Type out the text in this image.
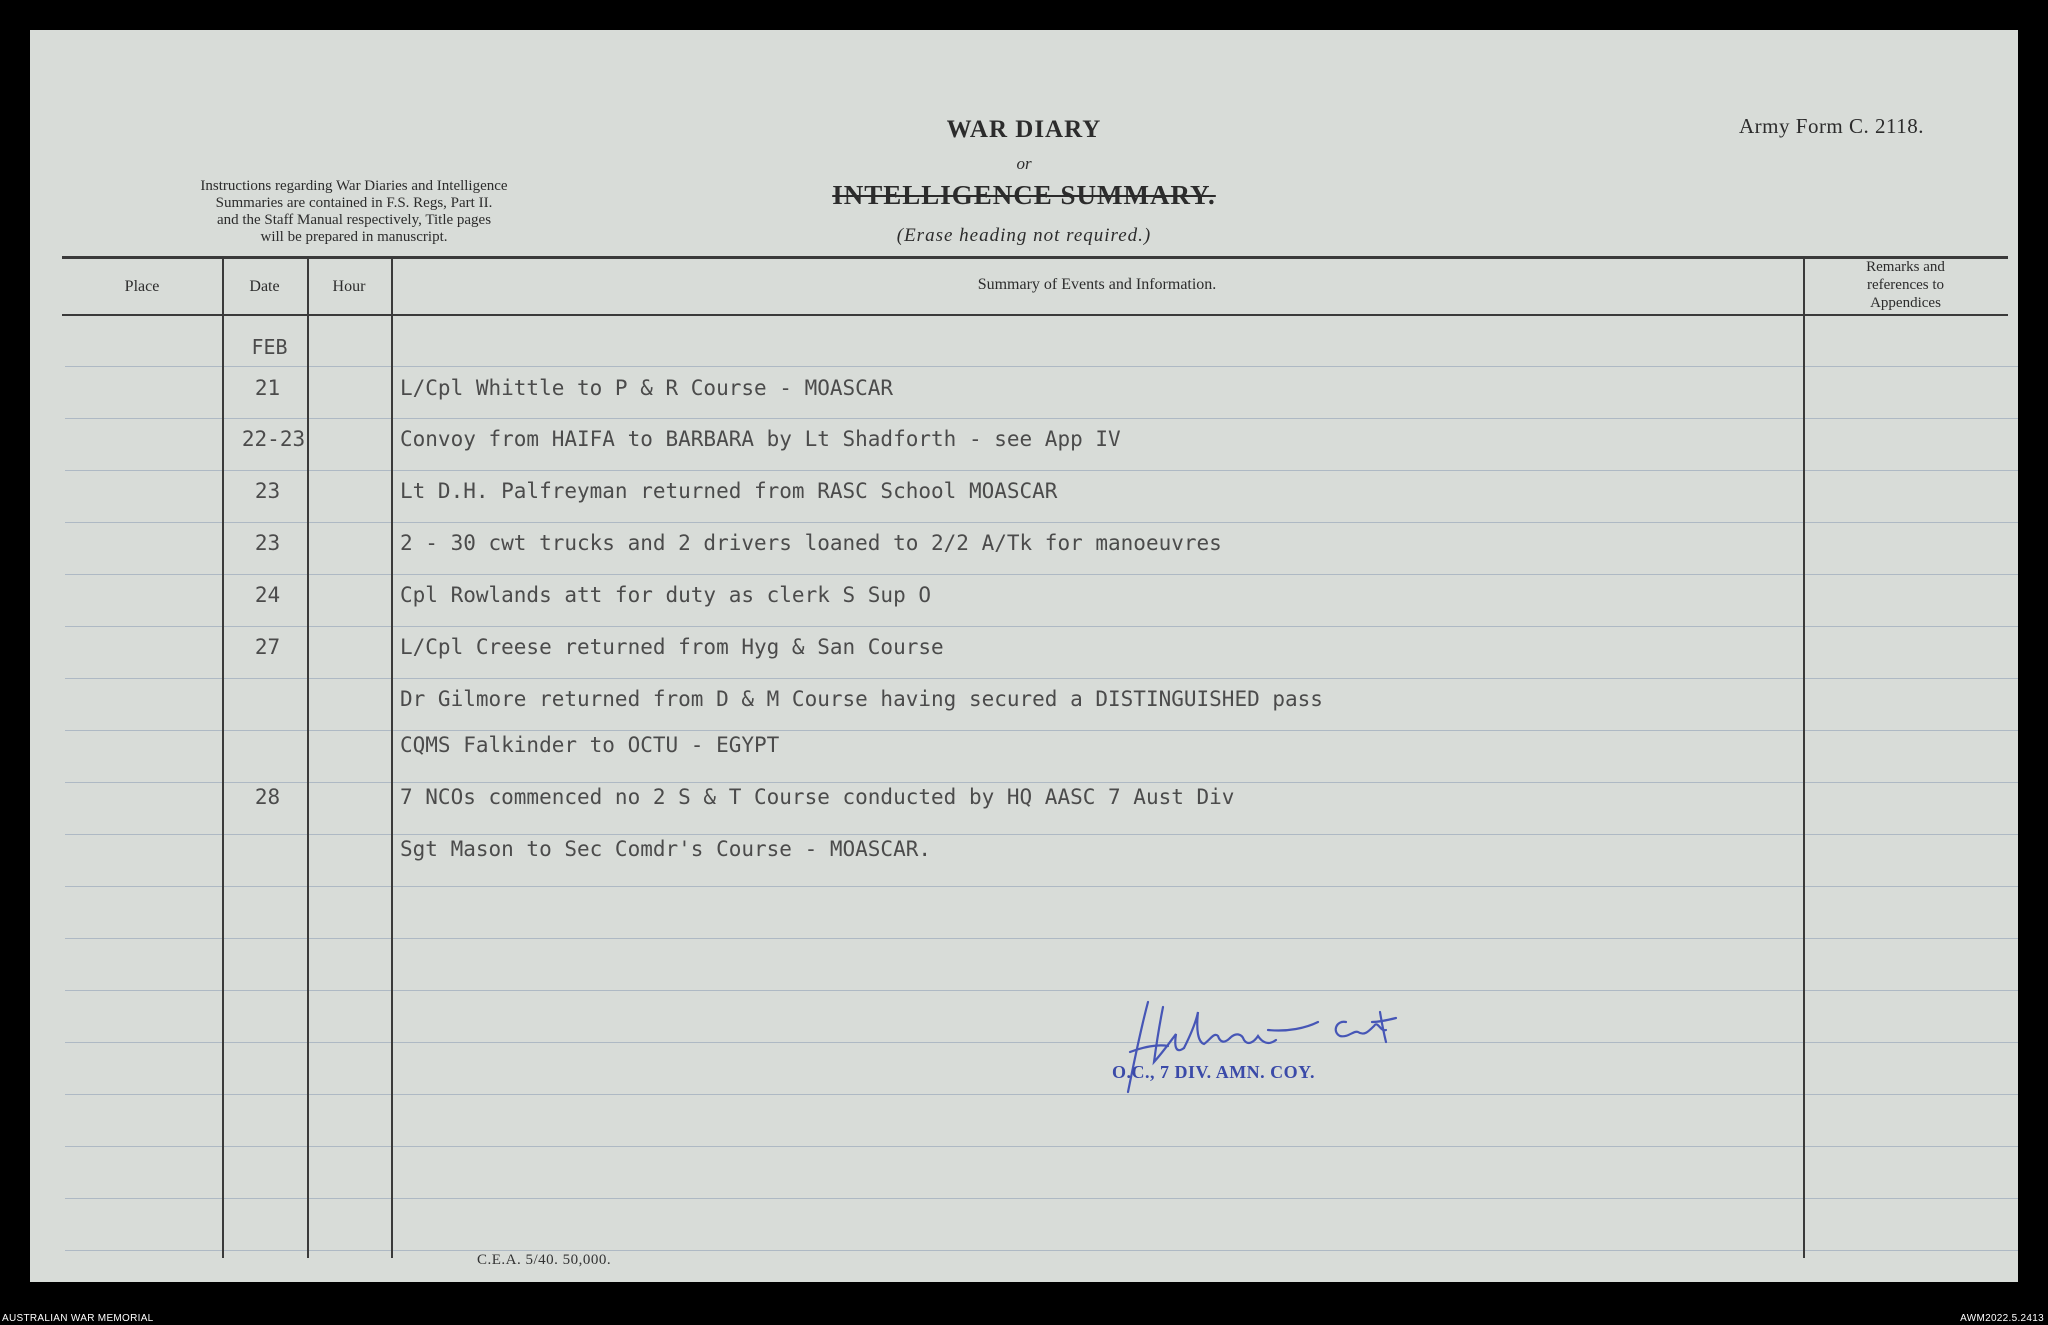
WAR DIARY
or
INTELLIGENCE SUMMARY.
(Erase heading not required.)
Army Form C. 2118.
Instructions regarding War Diaries and Intelligence
Summaries are contained in F.S. Regs, Part II.
and the Staff Manual respectively, Title pages
will be prepared in manuscript.
Place	Date	Hour	Summary of Events and Information.
Remarks and
references to
Appendices
FEB
21	L/Cpl Whittle to P & R Course - MOASCAR
22-23	Convoy from HAIFA to BARBARA by Lt Shadforth - see App IV
23	Lt D.H. Palfreyman returned from RASC School MOASCAR
23	2 - 30 cwt trucks and 2 drivers loaned to 2/2 A/Tk for manoeuvres
24	Cpl Rowlands att for duty as clerk S Sup O
27	L/Cpl Creese returned from Hyg & San Course
Dr Gilmore returned from D & M Course having secured a DISTINGUISHED pass
CQMS Falkinder to OCTU - EGYPT
28	7 NCOs commenced no 2 S & T Course conducted by HQ AASC 7 Aust Div
Sgt Mason to Sec Comdr's Course - MOASCAR.
O.C., 7 DIV. AMN. COY.
C.E.A. 5/40. 50,000.
AUSTRALIAN WAR MEMORIAL	AWM2022.5.2413
